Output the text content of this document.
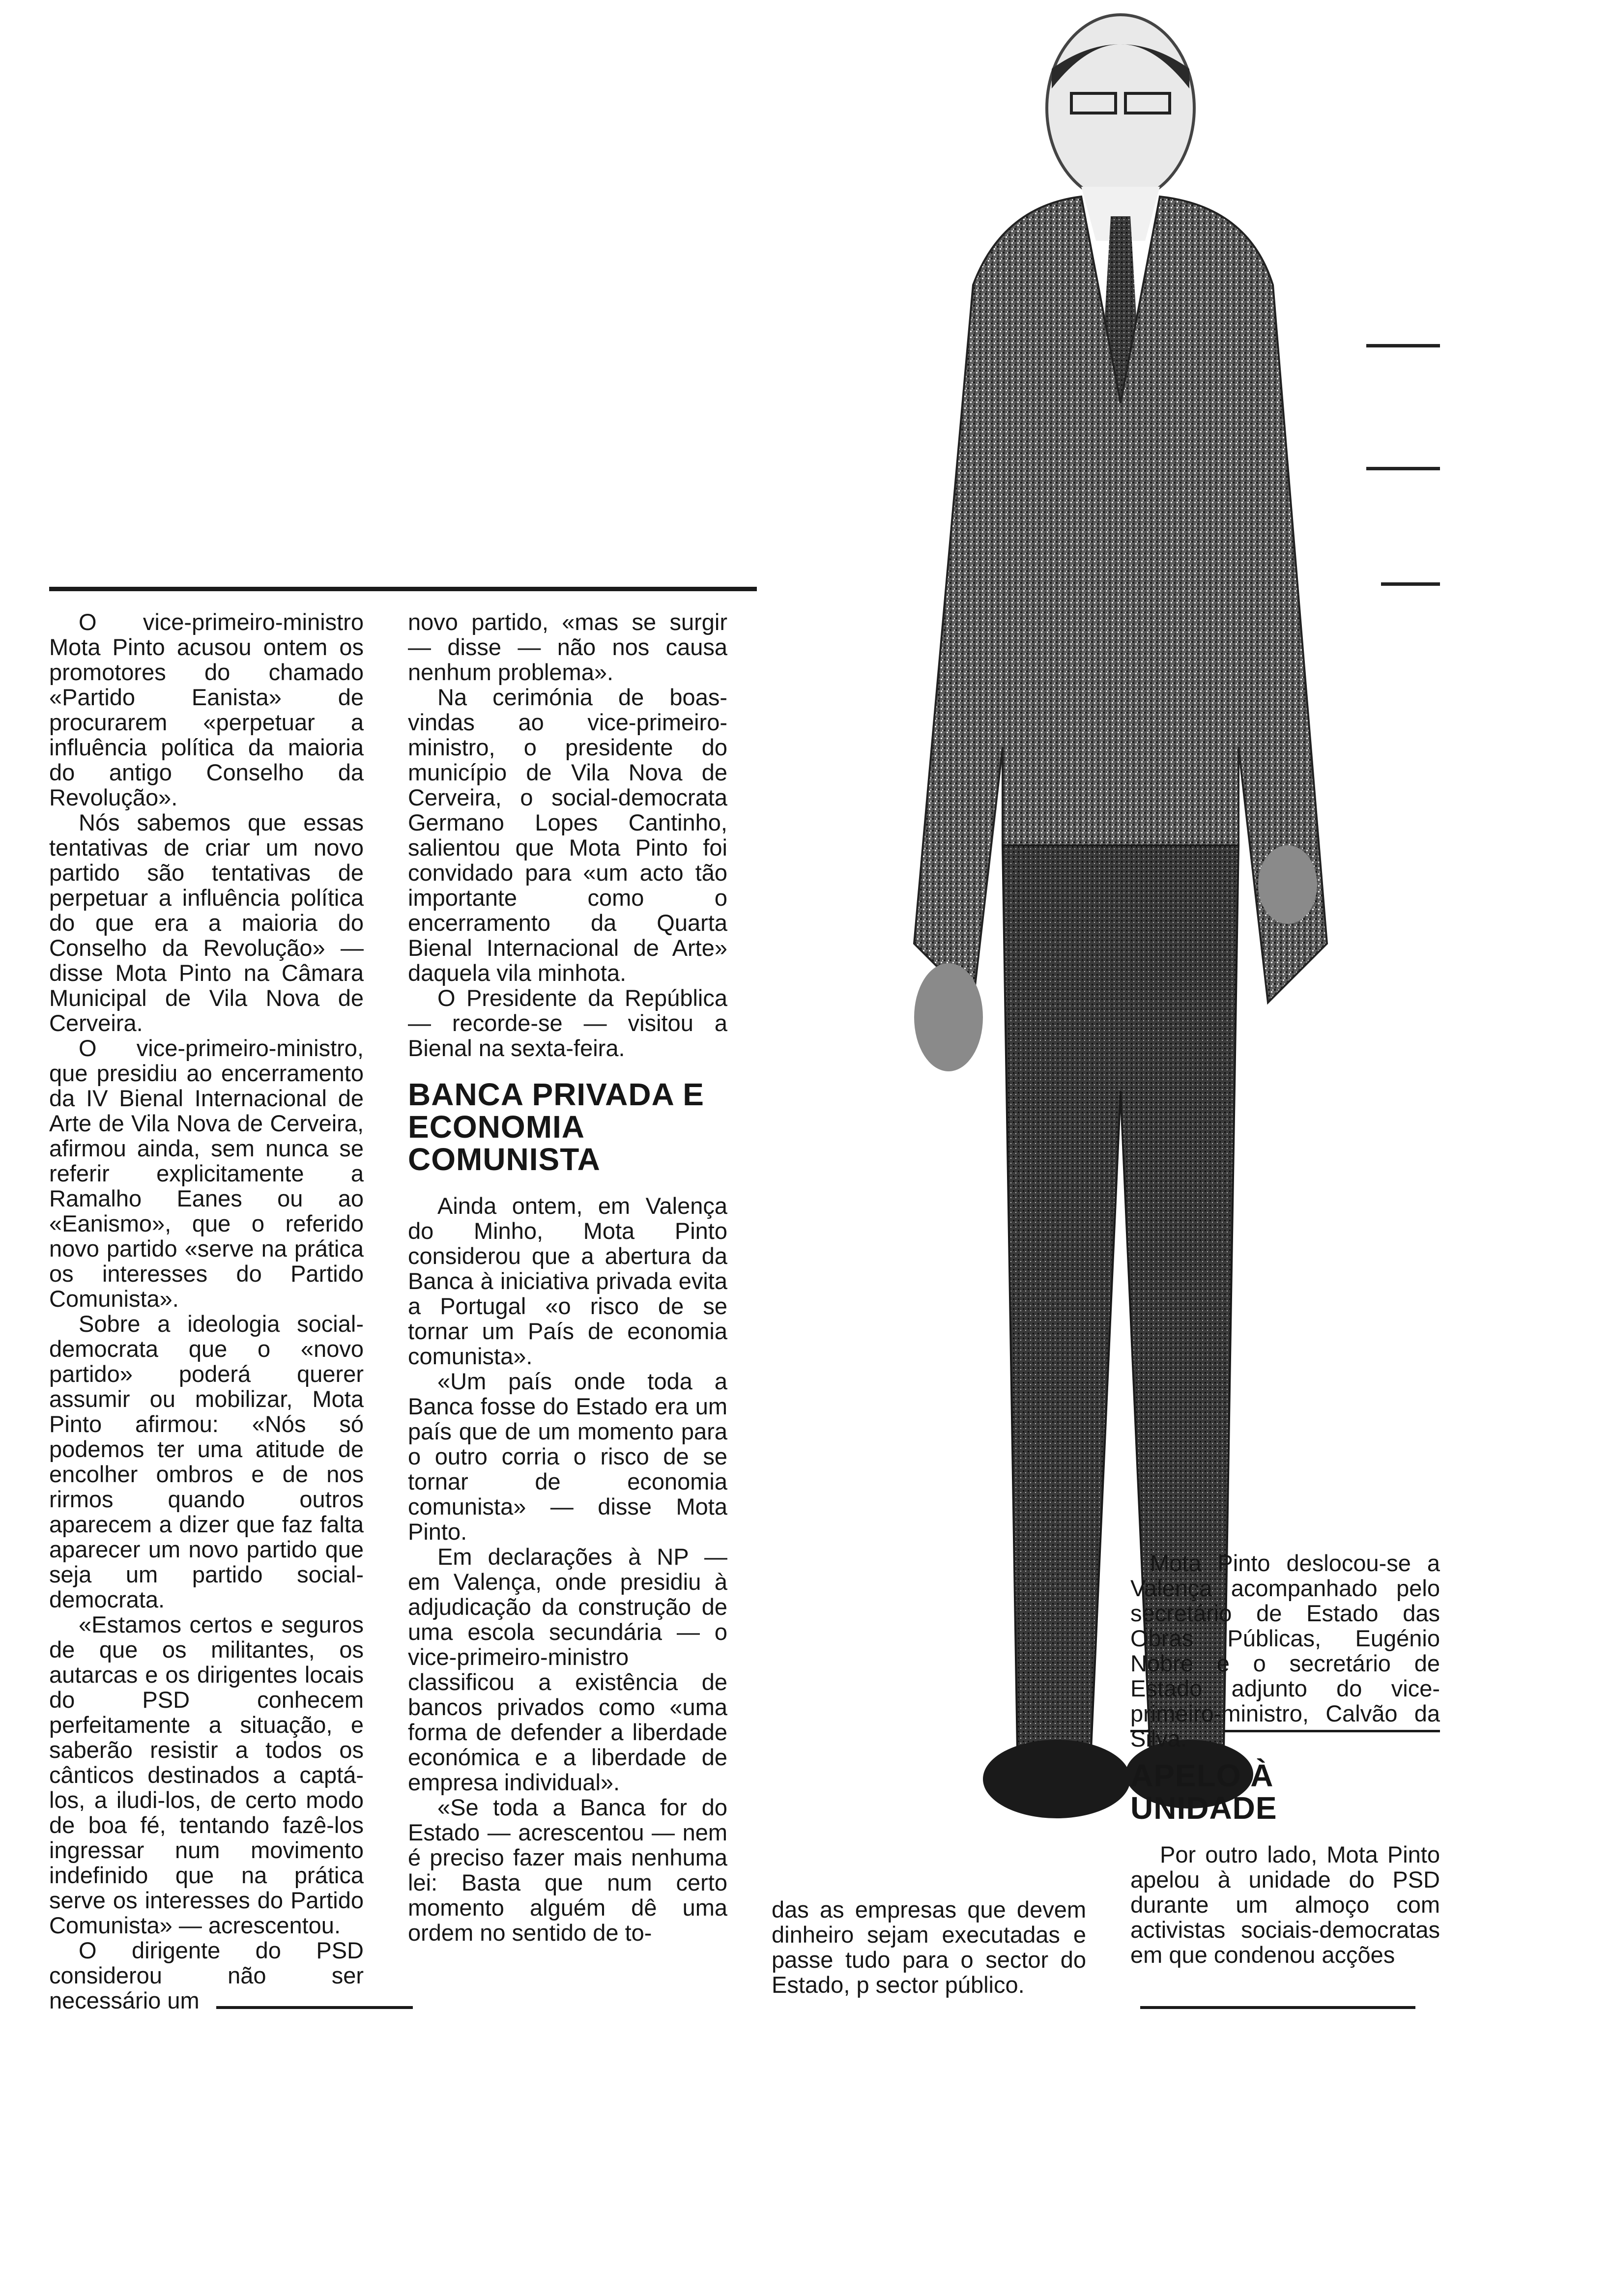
O vice-primeiro-ministro Mota Pinto acusou ontem os promotores do chamado «Partido Eanista» de procurarem «perpetuar a influência política da maioria do antigo Conselho da Revolução».

Nós sabemos que essas tentativas de criar um novo partido são tentativas de perpetuar a influência política do que era a maioria do Conselho da Revolução» — disse Mota Pinto na Câmara Municipal de Vila Nova de Cerveira.

O vice-primeiro-ministro, que presidiu ao encerramento da IV Bienal Internacional de Arte de Vila Nova de Cerveira, afirmou ainda, sem nunca se referir explicitamente a Ramalho Eanes ou ao «Eanismo», que o referido novo partido «serve na prática os interesses do Partido Comunista».

Sobre a ideologia social-democrata que o «novo partido» poderá querer assumir ou mobilizar, Mota Pinto afirmou: «Nós só podemos ter uma atitude de encolher ombros e de nos rirmos quando outros aparecem a dizer que faz falta aparecer um novo partido que seja um partido social-democrata.

«Estamos certos e seguros de que os militantes, os autarcas e os dirigentes locais do PSD conhecem perfeitamente a situação, e saberão resistir a todos os cânticos destinados a captá-los, a iludi-los, de certo modo de boa fé, tentando fazê-los ingressar num movimento indefinido que na prática serve os interesses do Partido Comunista» — acrescentou.

O dirigente do PSD considerou não ser necessário um

novo partido, «mas se surgir — disse — não nos causa nenhum problema».

Na cerimónia de boas-vindas ao vice-primeiro-ministro, o presidente do município de Vila Nova de Cerveira, o social-democrata Germano Lopes Cantinho, salientou que Mota Pinto foi convidado para «um acto tão importante como o encerramento da Quarta Bienal Internacional de Arte» daquela vila minhota.

O Presidente da República — recorde-se — visitou a Bienal na sexta-feira.

BANCA PRIVADA E ECONOMIA COMUNISTA

Ainda ontem, em Valença do Minho, Mota Pinto considerou que a abertura da Banca à iniciativa privada evita a Portugal «o risco de se tornar um País de economia comunista».

«Um país onde toda a Banca fosse do Estado era um país que de um momento para o outro corria o risco de se tornar de economia comunista» — disse Mota Pinto.

Em declarações à NP — em Valença, onde presidiu à adjudicação da construção de uma escola secundária — o vice-primeiro-ministro classificou a existência de bancos privados como «uma forma de defender a liberdade económica e a liberdade de empresa individual».

«Se toda a Banca for do Estado — acrescentou — nem é preciso fazer mais nenhuma lei: Basta que num certo momento alguém dê uma ordem no sentido de to-

das as empresas que devem dinheiro sejam executadas e passe tudo para o sector do Estado, p sector público.

Mota Pinto deslocou-se a Valença acompanhado pelo secretário de Estado das Obras Públicas, Eugénio Nobre e o secretário de Estado adjunto do vice-primeiro-ministro, Calvão da Silva.

APELO À UNIDADE

Por outro lado, Mota Pinto apelou à unidade do PSD durante um almoço com activistas sociais-democratas em que condenou acções
